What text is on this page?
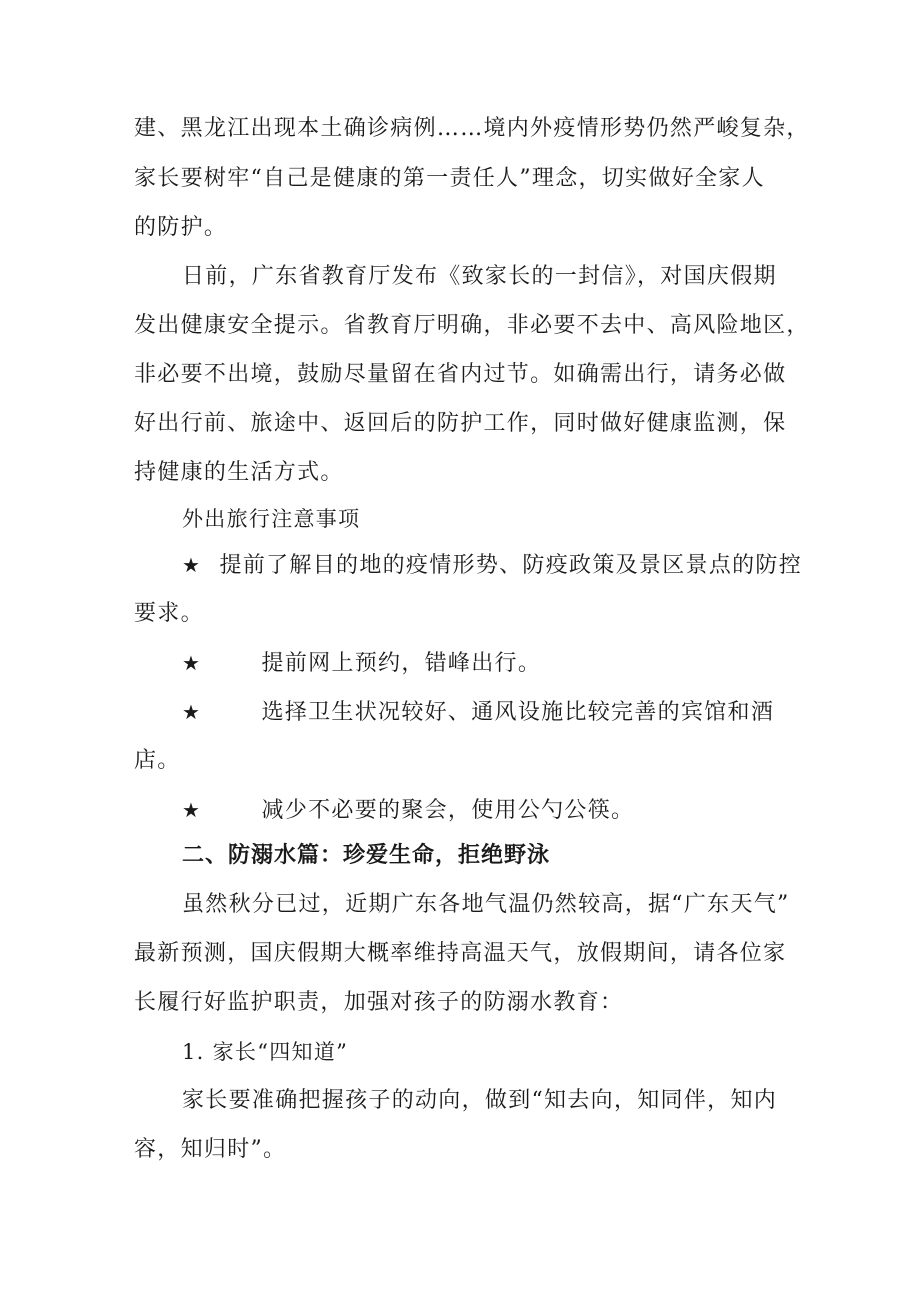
建、黑龙江出现本土确诊病例……境内外疫情形势仍然严峻复杂，
家长要树牢“自己是健康的第一责任人”理念，切实做好全家人
的防护。
日前，广东省教育厅发布《致家长的一封信》，对国庆假期
发出健康安全提示。省教育厅明确，非必要不去中、高风险地区，
非必要不出境，鼓励尽量留在省内过节。如确需出行，请务必做
好出行前、旅途中、返回后的防护工作，同时做好健康监测，保
持健康的生活方式。
外出旅行注意事项
★ 提前了解目的地的疫情形势、防疫政策及景区景点的防控
要求。
★	提前网上预约，错峰出行。
★	选择卫生状况较好、通风设施比较完善的宾馆和酒
店。
★	减少不必要的聚会，使用公勺公筷。
二、防溺水篇：珍爱生命，拒绝野泳
虽然秋分已过，近期广东各地气温仍然较高，据“广东天气”
最新预测，国庆假期大概率维持高温天气，放假期间，请各位家
长履行好监护职责，加强对孩子的防溺水教育：
1. 家长“四知道”
家长要准确把握孩子的动向，做到“知去向，知同伴，知内
容，知归时”。
